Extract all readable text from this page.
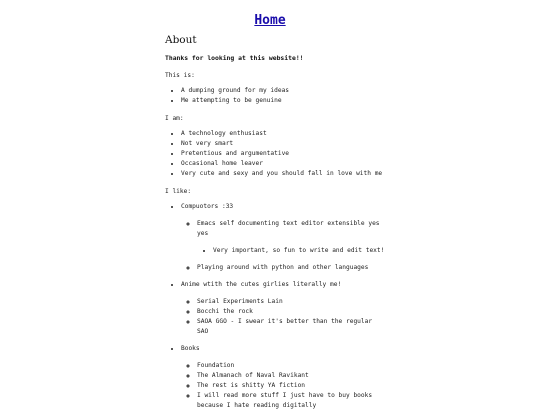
Home
About
Thanks for looking at this website!!

This is:

• A dumping ground for my ideas
• Me attempting to be genuine

I am:

• A technology enthusiast
• Not very smart
• Pretentious and argumentative
• Occasional home leaver
• Very cute and sexy and you should fall in love with me

I like:

• Compuotors :33
◦ Emacs self documenting text editor extensible yes yes
• Very important, so fun to write and edit text!
◦ Playing around with python and other languages
• Anime wtith the cutes girlies literally me!
◦ Serial Experiments Lain
◦ Bocchi the rock
◦ SAOA GGO - I swear it's better than the regular SAO
• Books
◦ Foundation
◦ The Almanach of Naval Ravikant
◦ The rest is shitty YA fiction
◦ I will read more stuff I just have to buy books because I hate reading digitally
